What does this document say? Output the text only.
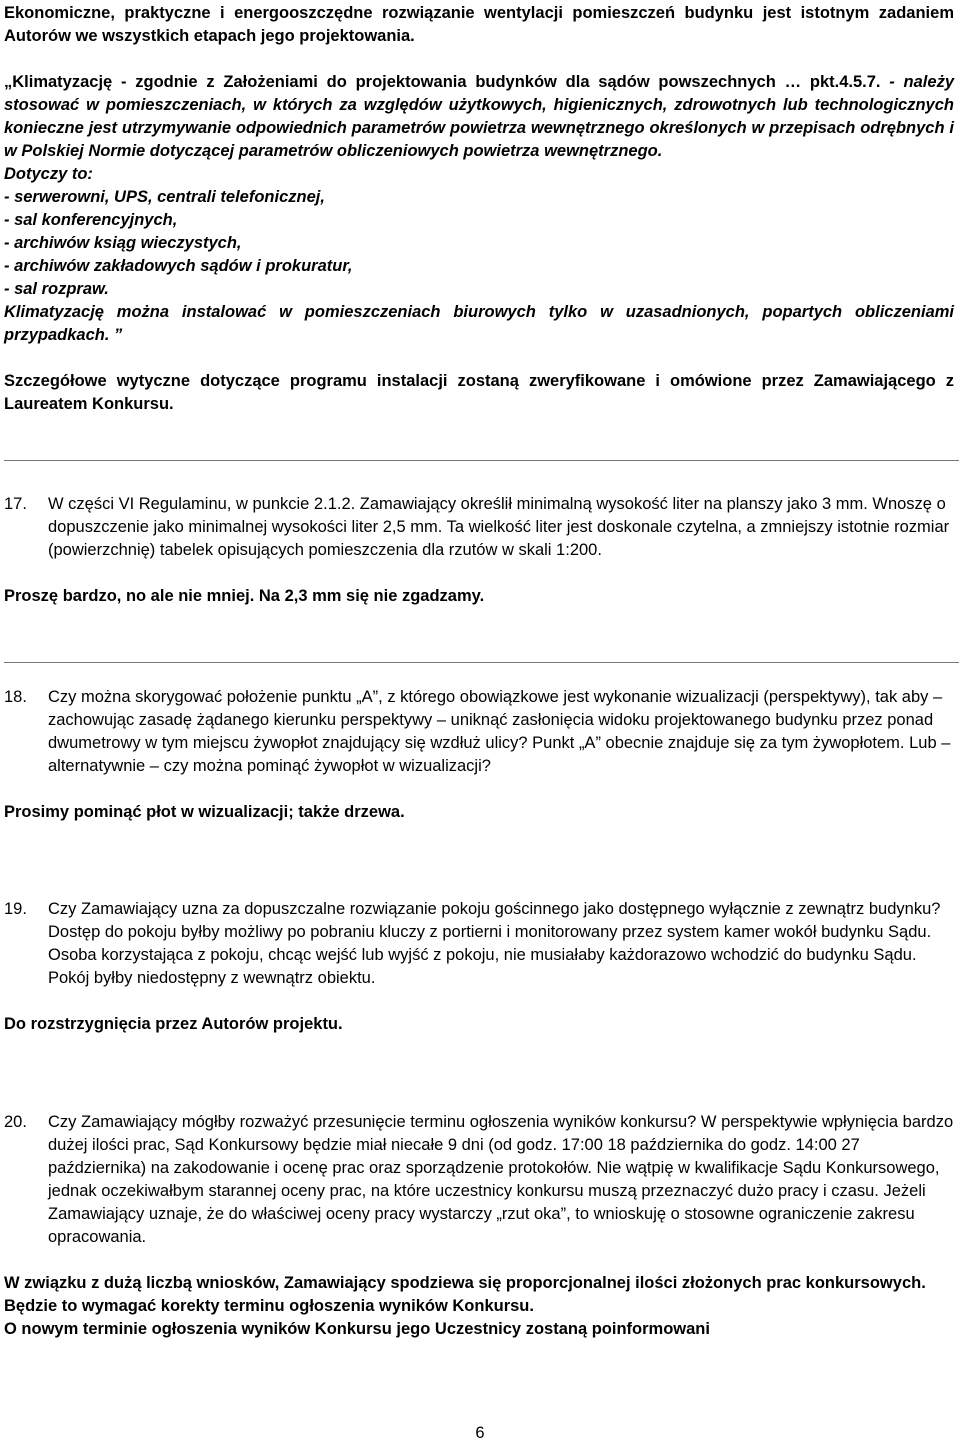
Ekonomiczne, praktyczne i energooszczędne rozwiązanie wentylacji pomieszczeń budynku jest istotnym zadaniem Autorów we wszystkich etapach jego projektowania.

„Klimatyzację - zgodnie z Założeniami do projektowania budynków dla sądów powszechnych … pkt.4.5.7. - należy stosować w pomieszczeniach, w których za względów użytkowych, higienicznych, zdrowotnych lub technologicznych konieczne jest utrzymywanie odpowiednich parametrów powietrza wewnętrznego określonych w przepisach odrębnych i w Polskiej Normie dotyczącej parametrów obliczeniowych powietrza wewnętrznego.

Dotyczy to:

- serwerowni, UPS, centrali telefonicznej,

- sal konferencyjnych,

- archiwów ksiąg wieczystych,

- archiwów zakładowych sądów i prokuratur,

- sal rozpraw.

Klimatyzację można instalować w pomieszczeniach biurowych tylko w uzasadnionych, popartych obliczeniami przypadkach. ”

Szczegółowe wytyczne dotyczące programu instalacji zostaną zweryfikowane i omówione przez Zamawiającego z Laureatem Konkursu.

17.	W części VI Regulaminu, w punkcie 2.1.2. Zamawiający określił minimalną wysokość liter na planszy jako 3 mm. Wnoszę o dopuszczenie jako minimalnej wysokości liter 2,5 mm. Ta wielkość liter jest doskonale czytelna, a zmniejszy istotnie rozmiar (powierzchnię) tabelek opisujących pomieszczenia dla rzutów w skali 1:200.

Proszę bardzo, no ale nie mniej. Na 2,3 mm się nie zgadzamy.

18.	Czy można skorygować położenie punktu „A”, z którego obowiązkowe jest wykonanie wizualizacji (perspektywy), tak aby – zachowując zasadę żądanego kierunku perspektywy – uniknąć zasłonięcia widoku projektowanego budynku przez ponad dwumetrowy w tym miejscu żywopłot znajdujący się wzdłuż ulicy? Punkt „A” obecnie znajduje się za tym żywopłotem. Lub – alternatywnie – czy można pominąć żywopłot w wizualizacji?

Prosimy pominąć płot w wizualizacji; także drzewa.

19.	Czy Zamawiający uzna za dopuszczalne rozwiązanie pokoju gościnnego jako dostępnego wyłącznie z zewnątrz budynku? Dostęp do pokoju byłby możliwy po pobraniu kluczy z portierni i monitorowany przez system kamer wokół budynku Sądu. Osoba korzystająca z pokoju, chcąc wejść lub wyjść z pokoju, nie musiałaby każdorazowo wchodzić do budynku Sądu. Pokój byłby niedostępny z wewnątrz obiektu.

Do rozstrzygnięcia przez Autorów projektu.

20.	Czy Zamawiający mógłby rozważyć przesunięcie terminu ogłoszenia wyników konkursu? W perspektywie wpłynięcia bardzo dużej ilości prac, Sąd Konkursowy będzie miał niecałe 9 dni (od godz. 17:00 18 października do godz. 14:00 27 października) na zakodowanie i ocenę prac oraz sporządzenie protokołów. Nie wątpię w kwalifikacje Sądu Konkursowego, jednak oczekiwałbym starannej oceny prac, na które uczestnicy konkursu muszą przeznaczyć dużo pracy i czasu. Jeżeli Zamawiający uznaje, że do właściwej oceny pracy wystarczy „rzut oka”, to wnioskuję o stosowne ograniczenie zakresu opracowania.

W związku z dużą liczbą wniosków, Zamawiający spodziewa się proporcjonalnej ilości złożonych prac konkursowych. Będzie to wymagać korekty terminu ogłoszenia wyników Konkursu.

O nowym terminie ogłoszenia wyników Konkursu jego Uczestnicy zostaną poinformowani

6
